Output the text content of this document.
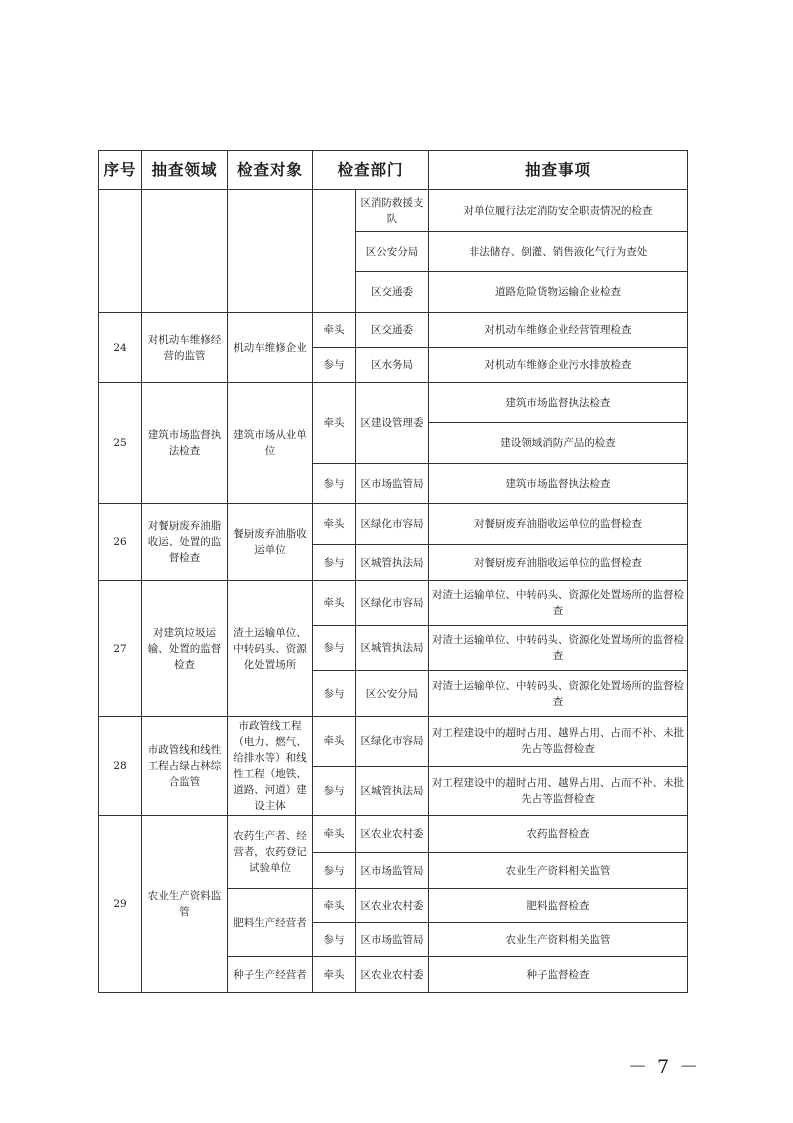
序号	抽查领域	检查对象	检查部门		抽查事项
				区消防救援支队	对单位履行法定消防安全职责情况的检查
				区公安分局	非法储存、倒灌、销售液化气行为查处
				区交通委	道路危险货物运输企业检查
24	对机动车维修经营的监管	机动车维修企业	牵头	区交通委	对机动车维修企业经营管理检查
			参与	区水务局	对机动车维修企业污水排放检查
25	建筑市场监督执法检查	建筑市场从业单位	牵头	区建设管理委	建筑市场监督执法检查
					建设领域消防产品的检查
			参与	区市场监管局	建筑市场监督执法检查
26	对餐厨废弃油脂收运、处置的监督检查	餐厨废弃油脂收运单位	牵头	区绿化市容局	对餐厨废弃油脂收运单位的监督检查
			参与	区城管执法局	对餐厨废弃油脂收运单位的监督检查
27	对建筑垃圾运输、处置的监督检查	渣土运输单位、中转码头、资源化处置场所	牵头	区绿化市容局	对渣土运输单位、中转码头、资源化处置场所的监督检查
			参与	区城管执法局	对渣土运输单位、中转码头、资源化处置场所的监督检查
			参与	区公安分局	对渣土运输单位、中转码头、资源化处置场所的监督检查
28	市政管线和线性工程占绿占林综合监管	市政管线工程（电力、燃气、给排水等）和线性工程（地铁、道路、河道）建设主体	牵头	区绿化市容局	对工程建设中的超时占用、越界占用、占而不补、未批先占等监督检查
			参与	区城管执法局	对工程建设中的超时占用、越界占用、占而不补、未批先占等监督检查
29	农业生产资料监管	农药生产者、经营者，农药登记试验单位	牵头	区农业农村委	农药监督检查
			参与	区市场监管局	农业生产资料相关监管
		肥料生产经营者	牵头	区农业农村委	肥料监督检查
			参与	区市场监管局	农业生产资料相关监管
		种子生产经营者	牵头	区农业农村委	种子监督检查
－ 7 －
